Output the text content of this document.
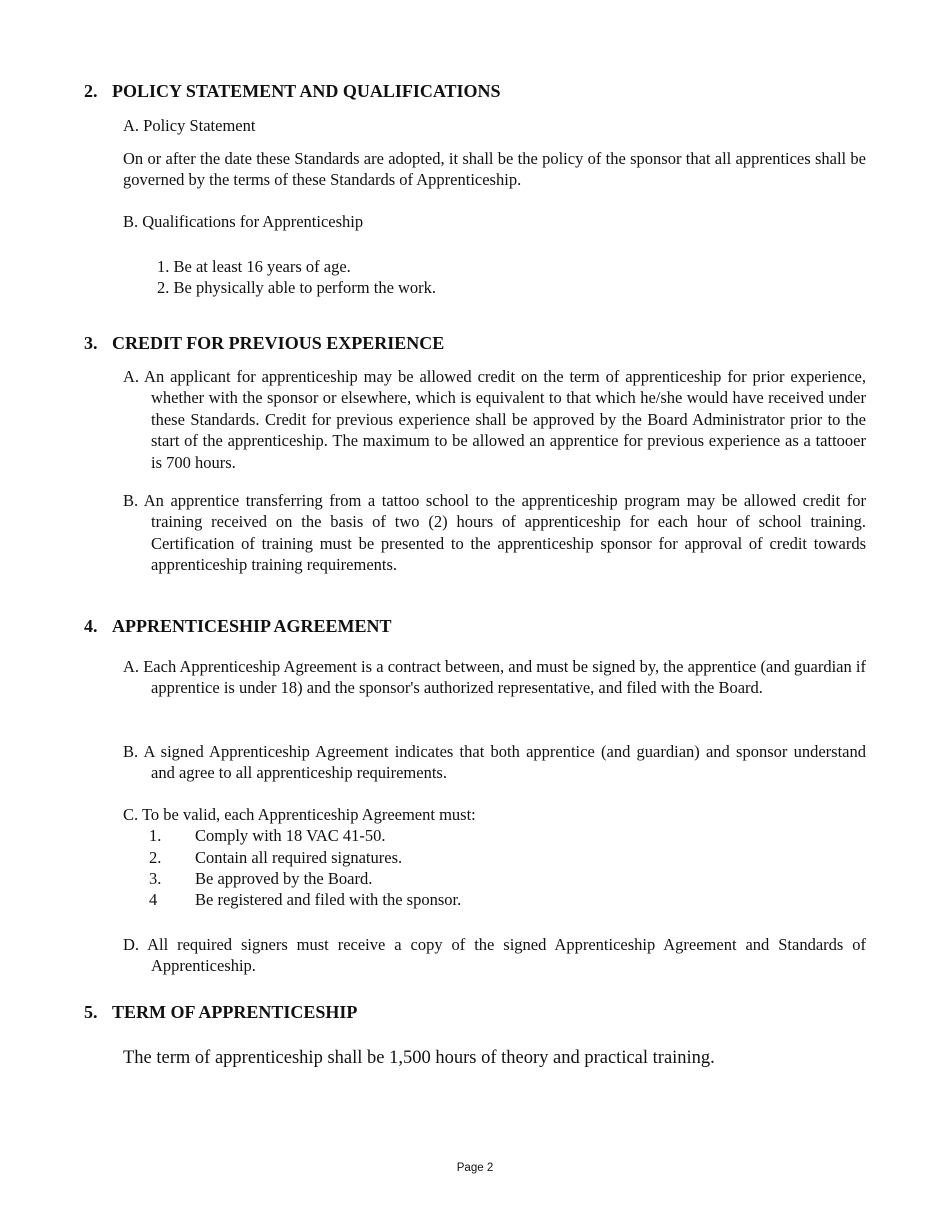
2. POLICY STATEMENT AND QUALIFICATIONS
A. Policy Statement
On or after the date these Standards are adopted, it shall be the policy of the sponsor that all apprentices shall be governed by the terms of these Standards of Apprenticeship.
B. Qualifications for Apprenticeship
1. Be at least 16 years of age.
2. Be physically able to perform the work.
3. CREDIT FOR PREVIOUS EXPERIENCE
A. An applicant for apprenticeship may be allowed credit on the term of apprenticeship for prior experience, whether with the sponsor or elsewhere, which is equivalent to that which he/she would have received under these Standards. Credit for previous experience shall be approved by the Board Administrator prior to the start of the apprenticeship. The maximum to be allowed an apprentice for previous experience as a tattooer is 700 hours.
B. An apprentice transferring from a tattoo school to the apprenticeship program may be allowed credit for training received on the basis of two (2) hours of apprenticeship for each hour of school training. Certification of training must be presented to the apprenticeship sponsor for approval of credit towards apprenticeship training requirements.
4. APPRENTICESHIP AGREEMENT
A. Each Apprenticeship Agreement is a contract between, and must be signed by, the apprentice (and guardian if apprentice is under 18) and the sponsor's authorized representative, and filed with the Board.
B. A signed Apprenticeship Agreement indicates that both apprentice (and guardian) and sponsor understand and agree to all apprenticeship requirements.
C. To be valid, each Apprenticeship Agreement must:
1. Comply with 18 VAC 41-50.
2. Contain all required signatures.
3. Be approved by the Board.
4 Be registered and filed with the sponsor.
D. All required signers must receive a copy of the signed Apprenticeship Agreement and Standards of Apprenticeship.
5. TERM OF APPRENTICESHIP
The term of apprenticeship shall be 1,500 hours of theory and practical training.
Page 2
